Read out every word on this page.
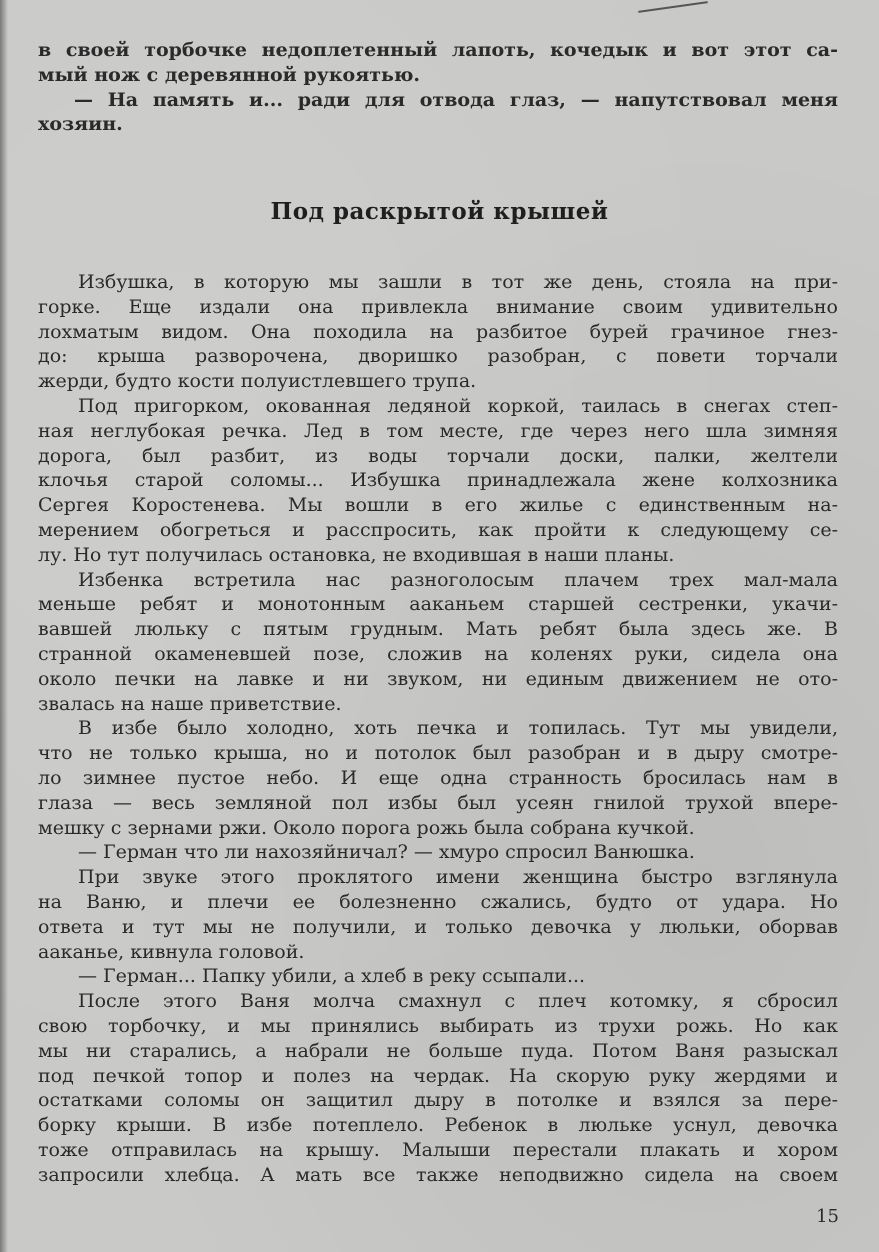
в своей торбочке недоплетенный лапоть, кочедык и вот этот са-
мый нож с деревянной рукоятью.
— На память и... ради для отвода глаз, — напутствовал меня
хозяин.
Под раскрытой крышей
Избушка, в которую мы зашли в тот же день, стояла на при-
горке. Еще издали она привлекла внимание своим удивительно
лохматым видом. Она походила на разбитое бурей грачиное гнез-
до: крыша разворочена, дворишко разобран, с повети торчали
жерди, будто кости полуистлевшего трупа.
Под пригорком, окованная ледяной коркой, таилась в снегах степ-
ная неглубокая речка. Лед в том месте, где через него шла зимняя
дорога, был разбит, из воды торчали доски, палки, желтели
клочья старой соломы... Избушка принадлежала жене колхозника
Сергея Коростенева. Мы вошли в его жилье с единственным на-
мерением обогреться и расспросить, как пройти к следующему се-
лу. Но тут получилась остановка, не входившая в наши планы.
Избенка встретила нас разноголосым плачем трех мал-мала
меньше ребят и монотонным ааканьем старшей сестренки, укачи-
вавшей люльку с пятым грудным. Мать ребят была здесь же. В
странной окаменевшей позе, сложив на коленях руки, сидела она
около печки на лавке и ни звуком, ни единым движением не ото-
звалась на наше приветствие.
В избе было холодно, хоть печка и топилась. Тут мы увидели,
что не только крыша, но и потолок был разобран и в дыру смотре-
ло зимнее пустое небо. И еще одна странность бросилась нам в
глаза — весь земляной пол избы был усеян гнилой трухой впере-
мешку с зернами ржи. Около порога рожь была собрана кучкой.
— Герман что ли нахозяйничал? — хмуро спросил Ванюшка.
При звуке этого проклятого имени женщина быстро взглянула
на Ваню, и плечи ее болезненно сжались, будто от удара. Но
ответа и тут мы не получили, и только девочка у люльки, оборвав
ааканье, кивнула головой.
— Герман... Папку убили, а хлеб в реку ссыпали...
После этого Ваня молча смахнул с плеч котомку, я сбросил
свою торбочку, и мы принялись выбирать из трухи рожь. Но как
мы ни старались, а набрали не больше пуда. Потом Ваня разыскал
под печкой топор и полез на чердак. На скорую руку жердями и
остатками соломы он защитил дыру в потолке и взялся за пере-
борку крыши. В избе потеплело. Ребенок в люльке уснул, девочка
тоже отправилась на крышу. Малыши перестали плакать и хором
запросили хлебца. А мать все также неподвижно сидела на своем
15
